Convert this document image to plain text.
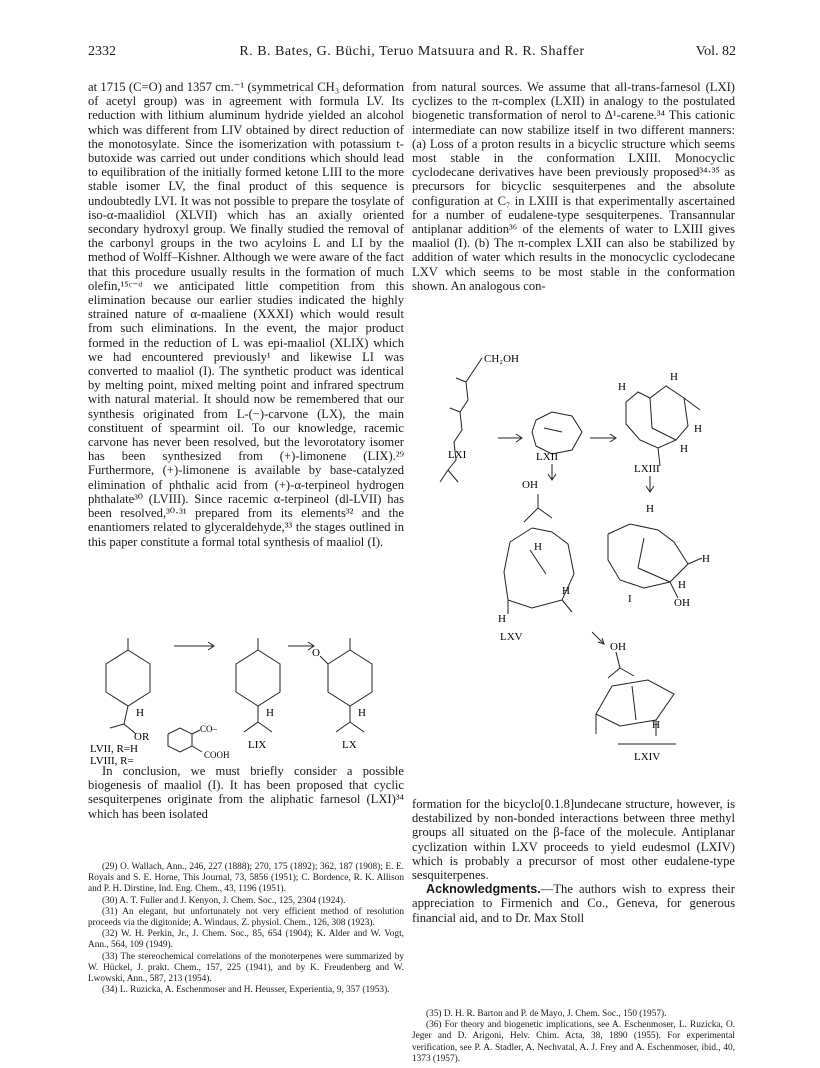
2332	R. B. Bates, G. Büchi, Teruo Matsuura and R. R. Shaffer	Vol. 82

at 1715 (C=O) and 1357 cm.⁻¹ (symmetrical CH₃ deformation of acetyl group) was in agreement with formula LV. Its reduction with lithium aluminum hydride yielded an alcohol which was different from LIV obtained by direct reduction of the monotosylate. Since the isomerization with potassium t-butoxide was carried out under conditions which should lead to equilibration of the initially formed ketone LIII to the more stable isomer LV, the final product of this sequence is undoubtedly LVI. It was not possible to prepare the tosylate of iso-α-maalidiol (XLVII) which has an axially oriented secondary hydroxyl group. We finally studied the removal of the carbonyl groups in the two acyloins L and LI by the method of Wolff–Kishner. Although we were aware of the fact that this procedure usually results in the formation of much olefin,¹⁵ᶜ⁻ᵈ we anticipated little competition from this elimination because our earlier studies indicated the highly strained nature of α-maaliene (XXXI) which would result from such eliminations. In the event, the major product formed in the reduction of L was epi-maaliol (XLIX) which we had encountered previously¹ and likewise LI was converted to maaliol (I). The synthetic product was identical by melting point, mixed melting point and infrared spectrum with natural material. It should now be remembered that our synthesis originated from L-(−)-carvone (LX), the main constituent of spearmint oil. To our knowledge, racemic carvone has never been resolved, but the levorotatory isomer has been synthesized from (+)-limonene (LIX).²⁹ Furthermore, (+)-limonene is available by base-catalyzed elimination of phthalic acid from (+)-α-terpineol hydrogen phthalate³⁰ (LVIII). Since racemic α-terpineol (dl-LVII) has been resolved,³⁰·³¹ prepared from its elements³² and the enantiomers related to glyceraldehyde,³³ the stages outlined in this paper constitute a formal total synthesis of maaliol (I).

from natural sources. We assume that all-trans-farnesol (LXI) cyclizes to the π-complex (LXII) in analogy to the postulated biogenetic transformation of nerol to Δ¹-carene.³⁴ This cationic intermediate can now stabilize itself in two different manners: (a) Loss of a proton results in a bicyclic structure which seems most stable in the conformation LXIII. Monocyclic cyclodecane derivatives have been previously proposed³⁴·³⁵ as precursors for bicyclic sesquiterpenes and the absolute configuration at C₇ in LXIII is that experimentally ascertained for a number of eudalene-type sesquiterpenes. Transannular antiplanar addition³⁶ of the elements of water to LXIII gives maaliol (I). (b) The π-complex LXII can also be stabilized by addition of water which results in the monocyclic cyclodecane LXV which seems to be most stable in the conformation shown. An analogous con-

H
OR
LVII, R=H
LVIII, R=
CO–
COOH
H
LIX
O
H
LX
CH₂OH
LXI	LXII
H
H
H
H
LXIII
OH
H
H
H
LXV
H
H
H
OH
I
OH
H
LXIV

In conclusion, we must briefly consider a possible biogenesis of maaliol (I). It has been proposed that cyclic sesquiterpenes originate from the aliphatic farnesol (LXI)³⁴ which has been isolated

formation for the bicyclo[0.1.8]undecane structure, however, is destabilized by non-bonded interactions between three methyl groups all situated on the β-face of the molecule. Antiplanar cyclization within LXV proceeds to yield eudesmol (LXIV) which is probably a precursor of most other eudalene-type sesquiterpenes.

Acknowledgments.—The authors wish to express their appreciation to Firmenich and Co., Geneva, for generous financial aid, and to Dr. Max Stoll

(29) O. Wallach, Ann., 246, 227 (1888); 270, 175 (1892); 362, 187 (1908); E. E. Royals and S. E. Horne, This Journal, 73, 5856 (1951); C. Bordence, R. K. Allison and P. H. Dirstine, Ind. Eng. Chem., 43, 1196 (1951).

(30) A. T. Fuller and J. Kenyon, J. Chem. Soc., 125, 2304 (1924).

(31) An elegant, but unfortunately not very efficient method of resolution proceeds via the digitonide; A. Windaus, Z. physiol. Chem., 126, 308 (1923).

(32) W. H. Perkin, Jr., J. Chem. Soc., 85, 654 (1904); K. Alder and W. Vogt, Ann., 564, 109 (1949).

(33) The stereochemical correlations of the monoterpenes were summarized by W. Hückel, J. prakt. Chem., 157, 225 (1941), and by K. Freudenberg and W. Lwowski, Ann., 587, 213 (1954).

(34) L. Ruzicka, A. Eschenmoser and H. Heusser, Experientia, 9, 357 (1953).

(35) D. H. R. Barton and P. de Mayo, J. Chem. Soc., 150 (1957).

(36) For theory and biogenetic implications, see A. Eschenmoser, L. Ruzicka, O. Jeger and D. Arigoni, Helv. Chim. Acta, 38, 1890 (1955). For experimental verification, see P. A. Stadler, A. Nechvatal, A. J. Frey and A. Eschenmoser, ibid., 40, 1373 (1957).
